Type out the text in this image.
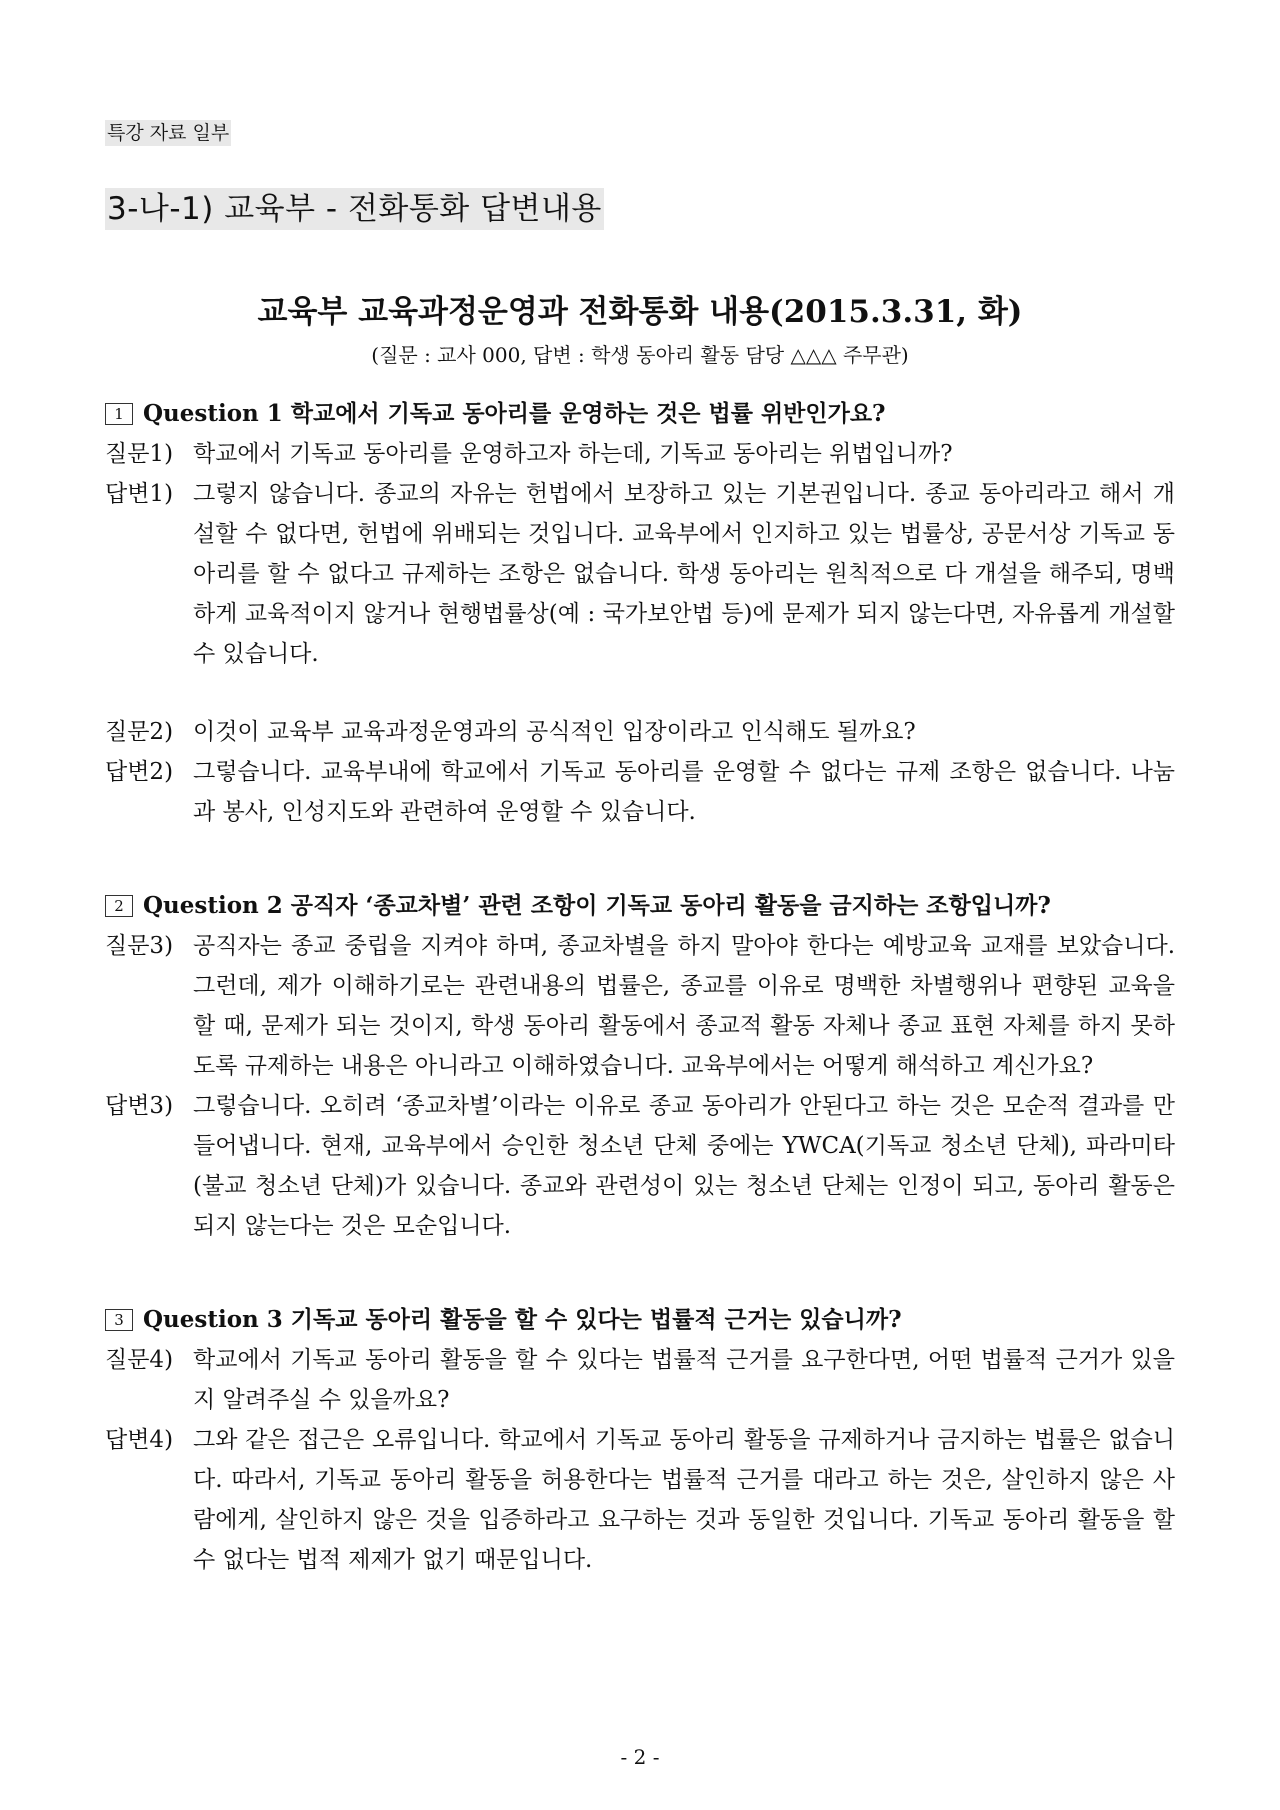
특강 자료 일부
3-나-1) 교육부 - 전화통화 답변내용
교육부 교육과정운영과 전화통화 내용(2015.3.31, 화)
(질문 : 교사 000, 답변 : 학생 동아리 활동 담당 △△△ 주무관)
1 Question 1 학교에서 기독교 동아리를 운영하는 것은 법률 위반인가요?
질문1) 학교에서 기독교 동아리를 운영하고자 하는데, 기독교 동아리는 위법입니까?
답변1) 그렇지 않습니다. 종교의 자유는 헌법에서 보장하고 있는 기본권입니다. 종교 동아리라고 해서 개설할 수 없다면, 헌법에 위배되는 것입니다. 교육부에서 인지하고 있는 법률상, 공문서상 기독교 동아리를 할 수 없다고 규제하는 조항은 없습니다. 학생 동아리는 원칙적으로 다 개설을 해주되, 명백하게 교육적이지 않거나 현행법률상(예 : 국가보안법 등)에 문제가 되지 않는다면, 자유롭게 개설할 수 있습니다.
질문2) 이것이 교육부 교육과정운영과의 공식적인 입장이라고 인식해도 될까요?
답변2) 그렇습니다. 교육부내에 학교에서 기독교 동아리를 운영할 수 없다는 규제 조항은 없습니다. 나눔과 봉사, 인성지도와 관련하여 운영할 수 있습니다.
2 Question 2 공직자 ‘종교차별’ 관련 조항이 기독교 동아리 활동을 금지하는 조항입니까?
질문3) 공직자는 종교 중립을 지켜야 하며, 종교차별을 하지 말아야 한다는 예방교육 교재를 보았습니다. 그런데, 제가 이해하기로는 관련내용의 법률은, 종교를 이유로 명백한 차별행위나 편향된 교육을 할 때, 문제가 되는 것이지, 학생 동아리 활동에서 종교적 활동 자체나 종교 표현 자체를 하지 못하도록 규제하는 내용은 아니라고 이해하였습니다. 교육부에서는 어떻게 해석하고 계신가요?
답변3) 그렇습니다. 오히려 ‘종교차별’이라는 이유로 종교 동아리가 안된다고 하는 것은 모순적 결과를 만들어냅니다. 현재, 교육부에서 승인한 청소년 단체 중에는 YWCA(기독교 청소년 단체), 파라미타(불교 청소년 단체)가 있습니다. 종교와 관련성이 있는 청소년 단체는 인정이 되고, 동아리 활동은 되지 않는다는 것은 모순입니다.
3 Question 3 기독교 동아리 활동을 할 수 있다는 법률적 근거는 있습니까?
질문4) 학교에서 기독교 동아리 활동을 할 수 있다는 법률적 근거를 요구한다면, 어떤 법률적 근거가 있을지 알려주실 수 있을까요?
답변4) 그와 같은 접근은 오류입니다. 학교에서 기독교 동아리 활동을 규제하거나 금지하는 법률은 없습니다. 따라서, 기독교 동아리 활동을 허용한다는 법률적 근거를 대라고 하는 것은, 살인하지 않은 사람에게, 살인하지 않은 것을 입증하라고 요구하는 것과 동일한 것입니다. 기독교 동아리 활동을 할 수 없다는 법적 제제가 없기 때문입니다.
- 2 -
